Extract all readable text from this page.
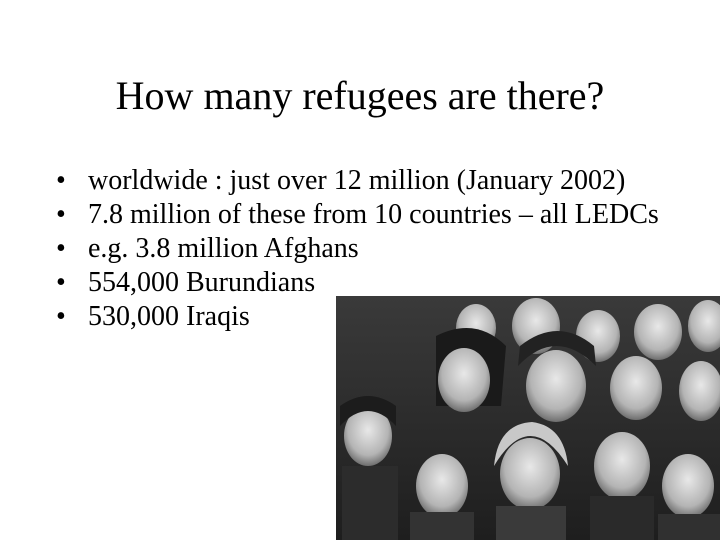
How many refugees are there?
• worldwide : just over 12 million (January 2002)
• 7.8 million of these from 10 countries – all LEDCs
• e.g. 3.8 million Afghans
• 554,000 Burundians
• 530,000 Iraqis
